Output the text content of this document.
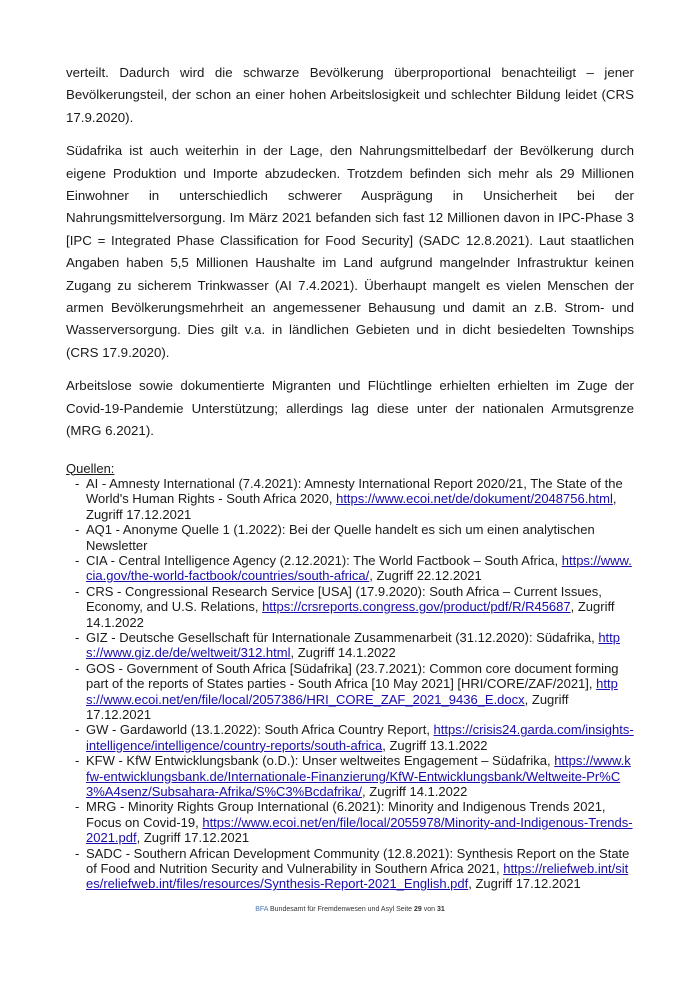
verteilt. Dadurch wird die schwarze Bevölkerung überproportional benachteiligt – jener Bevölkerungsteil, der schon an einer hohen Arbeitslosigkeit und schlechter Bildung leidet (CRS 17.9.2020).

Südafrika ist auch weiterhin in der Lage, den Nahrungsmittelbedarf der Bevölkerung durch eigene Produktion und Importe abzudecken. Trotzdem befinden sich mehr als 29 Millionen Einwohner in unterschiedlich schwerer Ausprägung in Unsicherheit bei der Nahrungsmittelversorgung. Im März 2021 befanden sich fast 12 Millionen davon in IPC-Phase 3 [IPC = Integrated Phase Classification for Food Security] (SADC 12.8.2021). Laut staatlichen Angaben haben 5,5 Millionen Haushalte im Land aufgrund mangelnder Infrastruktur keinen Zugang zu sicherem Trinkwasser (AI 7.4.2021). Überhaupt mangelt es vielen Menschen der armen Bevölkerungsmehrheit an angemessener Behausung und damit an z.B. Strom- und Wasserversorgung. Dies gilt v.a. in ländlichen Gebieten und in dicht besiedelten Townships (CRS 17.9.2020).

Arbeitslose sowie dokumentierte Migranten und Flüchtlinge erhielten erhielten im Zuge der Covid-19-Pandemie Unterstützung; allerdings lag diese unter der nationalen Armutsgrenze (MRG 6.2021).

Quellen:
- AI - Amnesty International (7.4.2021): Amnesty International Report 2020/21, The State of the World's Human Rights - South Africa 2020, https://www.ecoi.net/de/dokument/2048756.html, Zugriff 17.12.2021
- AQ1 - Anonyme Quelle 1 (1.2022): Bei der Quelle handelt es sich um einen analytischen Newsletter
- CIA - Central Intelligence Agency (2.12.2021): The World Factbook – South Africa, https://www.cia.gov/the-world-factbook/countries/south-africa/, Zugriff 22.12.2021
- CRS - Congressional Research Service [USA] (17.9.2020): South Africa – Current Issues, Economy, and U.S. Relations, https://crsreports.congress.gov/product/pdf/R/R45687, Zugriff 14.1.2022
- GIZ - Deutsche Gesellschaft für Internationale Zusammenarbeit (31.12.2020): Südafrika, https://www.giz.de/de/weltweit/312.html, Zugriff 14.1.2022
- GOS - Government of South Africa [Südafrika] (23.7.2021): Common core document forming part of the reports of States parties - South Africa [10 May 2021] [HRI/CORE/ZAF/2021], https://www.ecoi.net/en/file/local/2057386/HRI_CORE_ZAF_2021_9436_E.docx, Zugriff 17.12.2021
- GW - Gardaworld (13.1.2022): South Africa Country Report, https://crisis24.garda.com/insights-intelligence/intelligence/country-reports/south-africa, Zugriff 13.1.2022
- KFW - KfW Entwicklungsbank (o.D.): Unser weltweites Engagement – Südafrika, https://www.kfw-entwicklungsbank.de/Internationale-Finanzierung/KfW-Entwicklungsbank/Weltweite-Pr%C3%A4senz/Subsahara-Afrika/S%C3%Bcdafrika/, Zugriff 14.1.2022
- MRG - Minority Rights Group International (6.2021): Minority and Indigenous Trends 2021, Focus on Covid-19, https://www.ecoi.net/en/file/local/2055978/Minority-and-Indigenous-Trends-2021.pdf, Zugriff 17.12.2021
- SADC - Southern African Development Community (12.8.2021): Synthesis Report on the State of Food and Nutrition Security and Vulnerability in Southern Africa 2021, https://reliefweb.int/sites/reliefweb.int/files/resources/Synthesis-Report-2021_English.pdf, Zugriff 17.12.2021
BFA Bundesamt für Fremdenwesen und Asyl Seite 29 von 31
